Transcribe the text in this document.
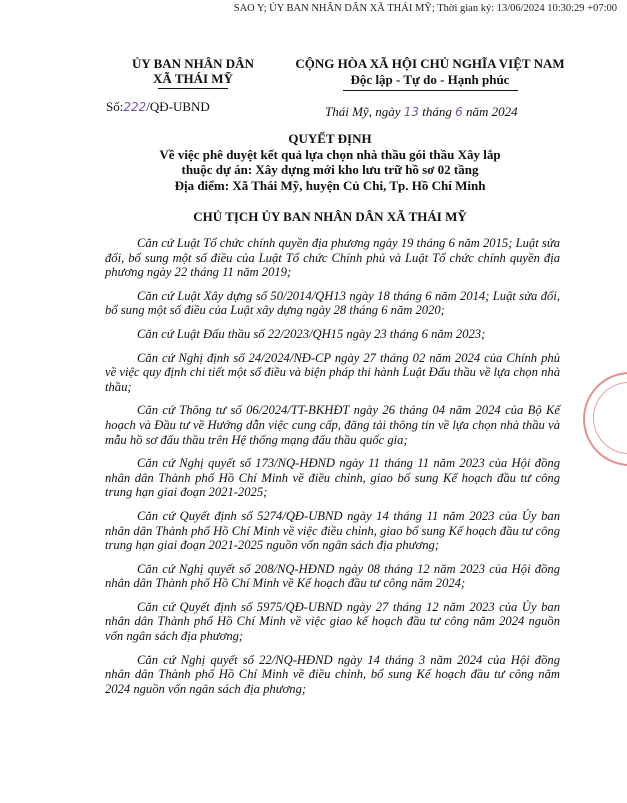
SAO Y; ỦY BAN NHÂN DÂN XÃ THÁI MỸ; Thời gian ký: 13/06/2024 10:30:29 +07:00
ỦY BAN NHÂN DÂN
XÃ THÁI MỸ
CỘNG HÒA XÃ HỘI CHỦ NGHĨA VIỆT NAM
Độc lập - Tự do - Hạnh phúc
Số:222/QĐ-UBND	Thái Mỹ, ngày 13 tháng 6 năm 2024
QUYẾT ĐỊNH
Về việc phê duyệt kết quả lựa chọn nhà thầu gói thầu Xây lắp
thuộc dự án: Xây dựng mới kho lưu trữ hồ sơ 02 tầng
Địa điểm: Xã Thái Mỹ, huyện Củ Chi, Tp. Hồ Chí Minh
CHỦ TỊCH ỦY BAN NHÂN DÂN XÃ THÁI MỸ

Căn cứ Luật Tổ chức chính quyền địa phương ngày 19 tháng 6 năm 2015; Luật sửa đổi, bổ sung một số điều của Luật Tổ chức Chính phủ và Luật Tổ chức chính quyền địa phương ngày 22 tháng 11 năm 2019;

Căn cứ Luật Xây dựng số 50/2014/QH13 ngày 18 tháng 6 năm 2014; Luật sửa đổi, bổ sung một số điều của Luật xây dựng ngày 28 tháng 6 năm 2020;

Căn cứ Luật Đấu thầu số 22/2023/QH15 ngày 23 tháng 6 năm 2023;

Căn cứ Nghị định số 24/2024/NĐ-CP ngày 27 tháng 02 năm 2024 của Chính phủ về việc quy định chi tiết một số điều và biện pháp thi hành Luật Đấu thầu về lựa chọn nhà thầu;

Căn cứ Thông tư số 06/2024/TT-BKHĐT ngày 26 tháng 04 năm 2024 của Bộ Kế hoạch và Đầu tư về Hướng dẫn việc cung cấp, đăng tải thông tin về lựa chọn nhà thầu và mẫu hồ sơ đấu thầu trên Hệ thống mạng đấu thầu quốc gia;

Căn cứ Nghị quyết số 173/NQ-HĐND ngày 11 tháng 11 năm 2023 của Hội đồng nhân dân Thành phố Hồ Chí Minh về điều chỉnh, giao bổ sung Kế hoạch đầu tư công trung hạn giai đoạn 2021-2025;

Căn cứ Quyết định số 5274/QĐ-UBND ngày 14 tháng 11 năm 2023 của Ủy ban nhân dân Thành phố Hồ Chí Minh về việc điều chỉnh, giao bổ sung Kế hoạch đầu tư công trung hạn giai đoạn 2021-2025 nguồn vốn ngân sách địa phương;

Căn cứ Nghị quyết số 208/NQ-HĐND ngày 08 tháng 12 năm 2023 của Hội đồng nhân dân Thành phố Hồ Chí Minh về Kế hoạch đầu tư công năm 2024;

Căn cứ Quyết định số 5975/QĐ-UBND ngày 27 tháng 12 năm 2023 của Ủy ban nhân dân Thành phố Hồ Chí Minh về việc giao kế hoạch đầu tư công năm 2024 nguồn vốn ngân sách địa phương;

Căn cứ Nghị quyết số 22/NQ-HĐND ngày 14 tháng 3 năm 2024 của Hội đồng nhân dân Thành phố Hồ Chí Minh về điều chỉnh, bổ sung Kế hoạch đầu tư công năm 2024 nguồn vốn ngân sách địa phương;
